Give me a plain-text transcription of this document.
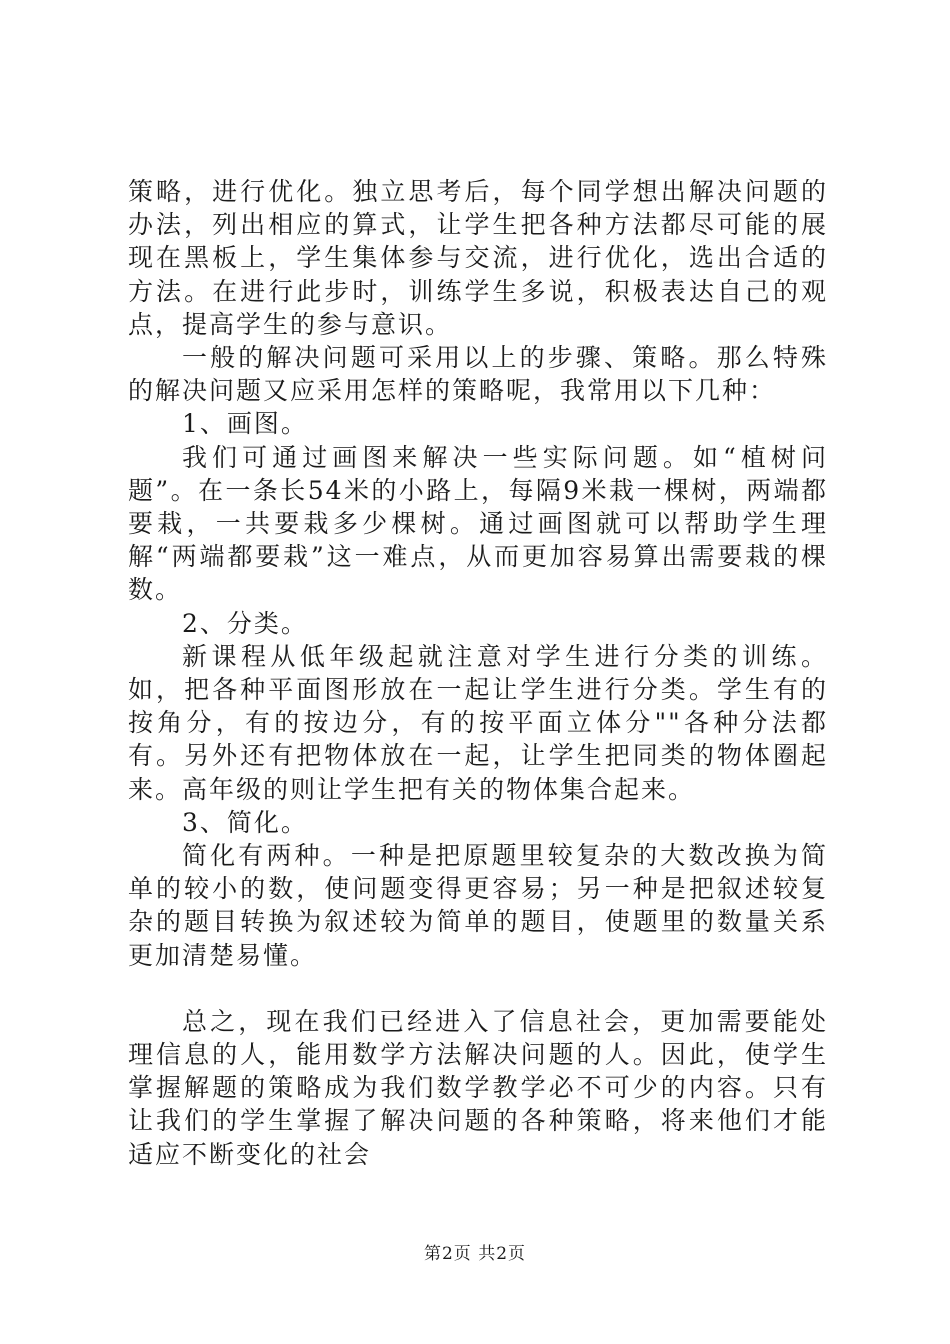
策略，进行优化。独立思考后，每个同学想出解决问题的办法，列出相应的算式，让学生把各种方法都尽可能的展现在黑板上，学生集体参与交流，进行优化，选出合适的方法。在进行此步时，训练学生多说，积极表达自己的观点，提高学生的参与意识。

一般的解决问题可采用以上的步骤、策略。那么特殊的解决问题又应采用怎样的策略呢，我常用以下几种：

1、画图。

我们可通过画图来解决一些实际问题。如“植树问题”。在一条长54米的小路上，每隔9米栽一棵树，两端都要栽，一共要栽多少棵树。通过画图就可以帮助学生理解“两端都要栽”这一难点，从而更加容易算出需要栽的棵数。

2、分类。

新课程从低年级起就注意对学生进行分类的训练。如，把各种平面图形放在一起让学生进行分类。学生有的按角分，有的按边分，有的按平面立体分""各种分法都有。另外还有把物体放在一起，让学生把同类的物体圈起来。高年级的则让学生把有关的物体集合起来。

3、简化。

简化有两种。一种是把原题里较复杂的大数改换为简单的较小的数，使问题变得更容易；另一种是把叙述较复杂的题目转换为叙述较为简单的题目，使题里的数量关系更加清楚易懂。

总之，现在我们已经进入了信息社会，更加需要能处理信息的人，能用数学方法解决问题的人。因此，使学生掌握解题的策略成为我们数学教学必不可少的内容。只有让我们的学生掌握了解决问题的各种策略，将来他们才能适应不断变化的社会

第2页 共2页
